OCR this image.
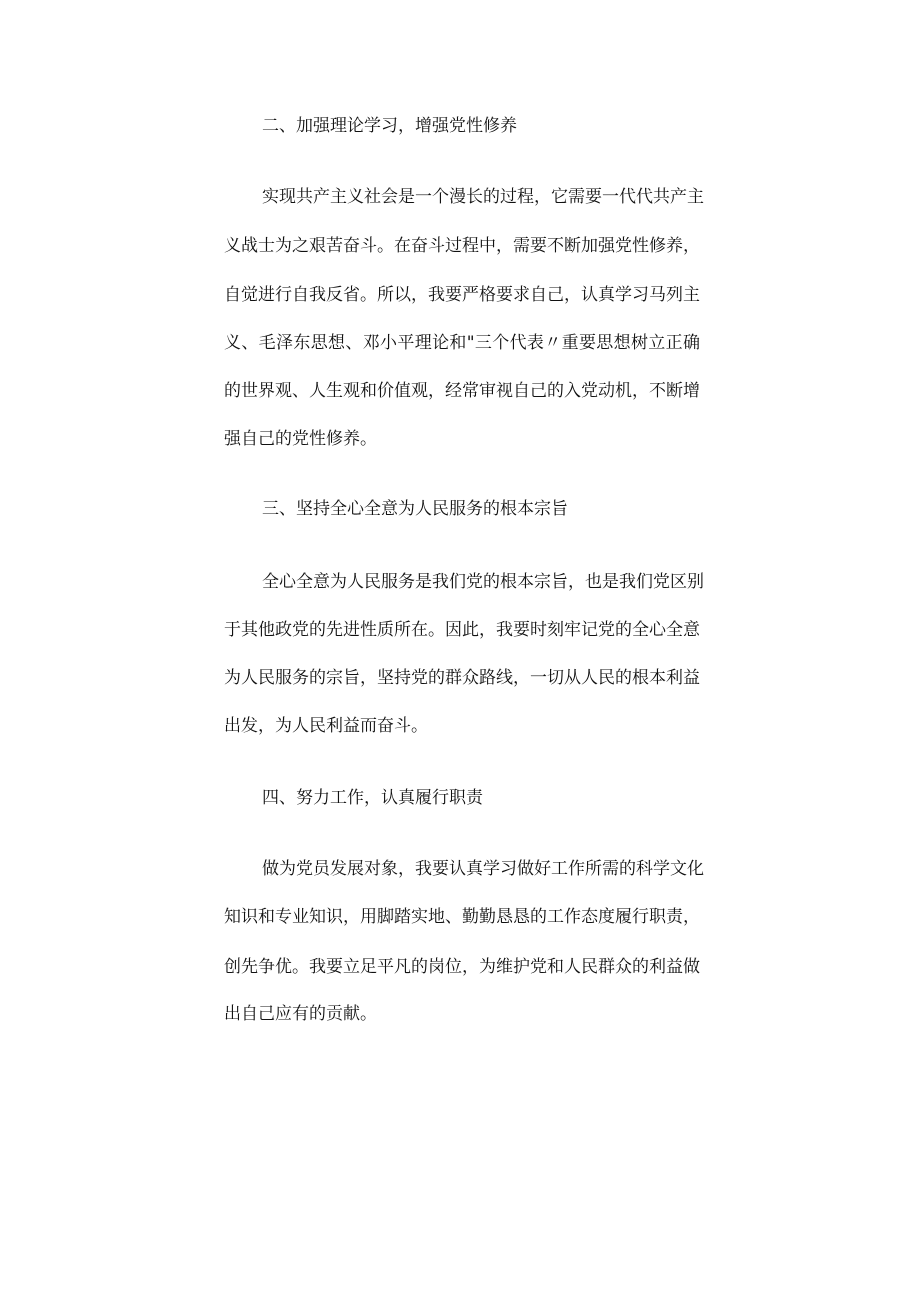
二、加强理论学习，增强党性修养

实现共产主义社会是一个漫长的过程，它需要一代代共产主

义战士为之艰苦奋斗。在奋斗过程中，需要不断加强党性修养，

自觉进行自我反省。所以，我要严格要求自己，认真学习马列主

义、毛泽东思想、邓小平理论和"三个代表〃重要思想树立正确

的世界观、人生观和价值观，经常审视自己的入党动机，不断增

强自己的党性修养。

三、坚持全心全意为人民服务的根本宗旨

全心全意为人民服务是我们党的根本宗旨，也是我们党区别

于其他政党的先进性质所在。因此，我要时刻牢记党的全心全意

为人民服务的宗旨，坚持党的群众路线，一切从人民的根本利益

出发，为人民利益而奋斗。

四、努力工作，认真履行职责

做为党员发展对象，我要认真学习做好工作所需的科学文化

知识和专业知识，用脚踏实地、勤勤恳恳的工作态度履行职责，

创先争优。我要立足平凡的岗位，为维护党和人民群众的利益做

出自己应有的贡献。
